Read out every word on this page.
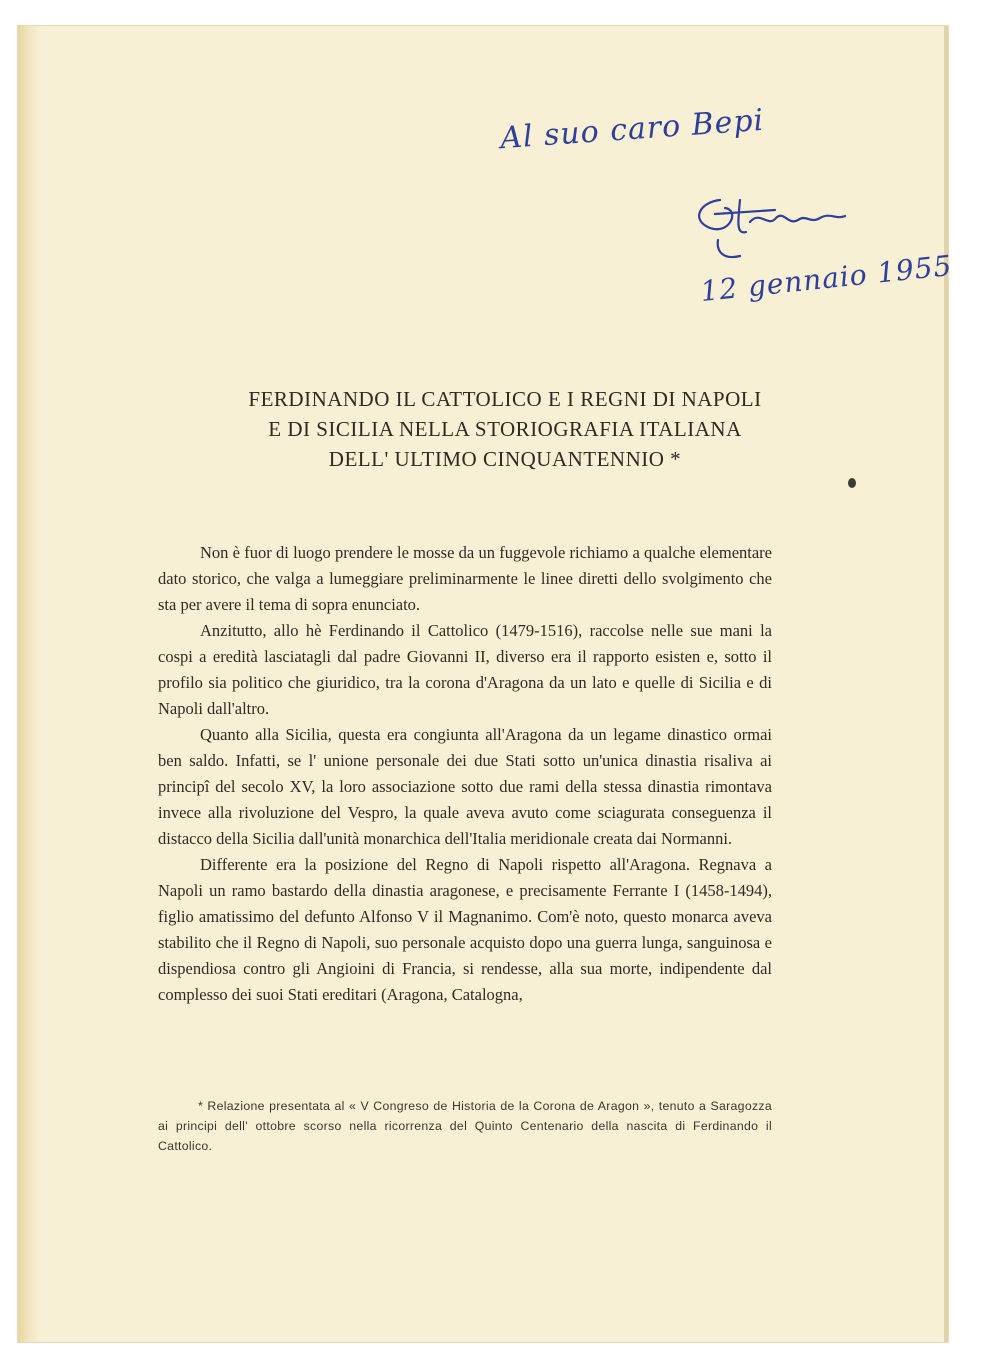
Al suo caro Bepi
12 gennaio 1955
FERDINANDO IL CATTOLICO E I REGNI DI NAPOLI
E DI SICILIA NELLA STORIOGRAFIA ITALIANA
DELL' ULTIMO CINQUANTENNIO *

Non è fuor di luogo prendere le mosse da un fuggevole richiamo a qualche elementare dato storico, che valga a lumeggiare preliminarmente le linee diretti dello svolgimento che sta per avere il tema di sopra enunciato.

Anzitutto, allo hè Ferdinando il Cattolico (1479-1516), raccolse nelle sue mani la cospi a eredità lasciatagli dal padre Giovanni II, diverso era il rapporto esisten e, sotto il profilo sia politico che giuridico, tra la corona d'Aragona da un lato e quelle di Sicilia e di Napoli dall'altro.

Quanto alla Sicilia, questa era congiunta all'Aragona da un legame dinastico ormai ben saldo. Infatti, se l' unione personale dei due Stati sotto un'unica dinastia risaliva ai principî del secolo XV, la loro associazione sotto due rami della stessa dinastia rimontava invece alla rivoluzione del Vespro, la quale aveva avuto come sciagurata conseguenza il distacco della Sicilia dall'unità monarchica dell'Italia meridionale creata dai Normanni.

Differente era la posizione del Regno di Napoli rispetto all'Aragona. Regnava a Napoli un ramo bastardo della dinastia aragonese, e precisamente Ferrante I (1458-1494), figlio amatissimo del defunto Alfonso V il Magnanimo. Com'è noto, questo monarca aveva stabilito che il Regno di Napoli, suo personale acquisto dopo una guerra lunga, sanguinosa e dispendiosa contro gli Angioini di Francia, si rendesse, alla sua morte, indipendente dal complesso dei suoi Stati ereditari (Aragona, Catalogna,

* Relazione presentata al « V Congreso de Historia de la Corona de Aragon », tenuto a Saragozza ai principi dell' ottobre scorso nella ricorrenza del Quinto Centenario della nascita di Ferdinando il Cattolico.
